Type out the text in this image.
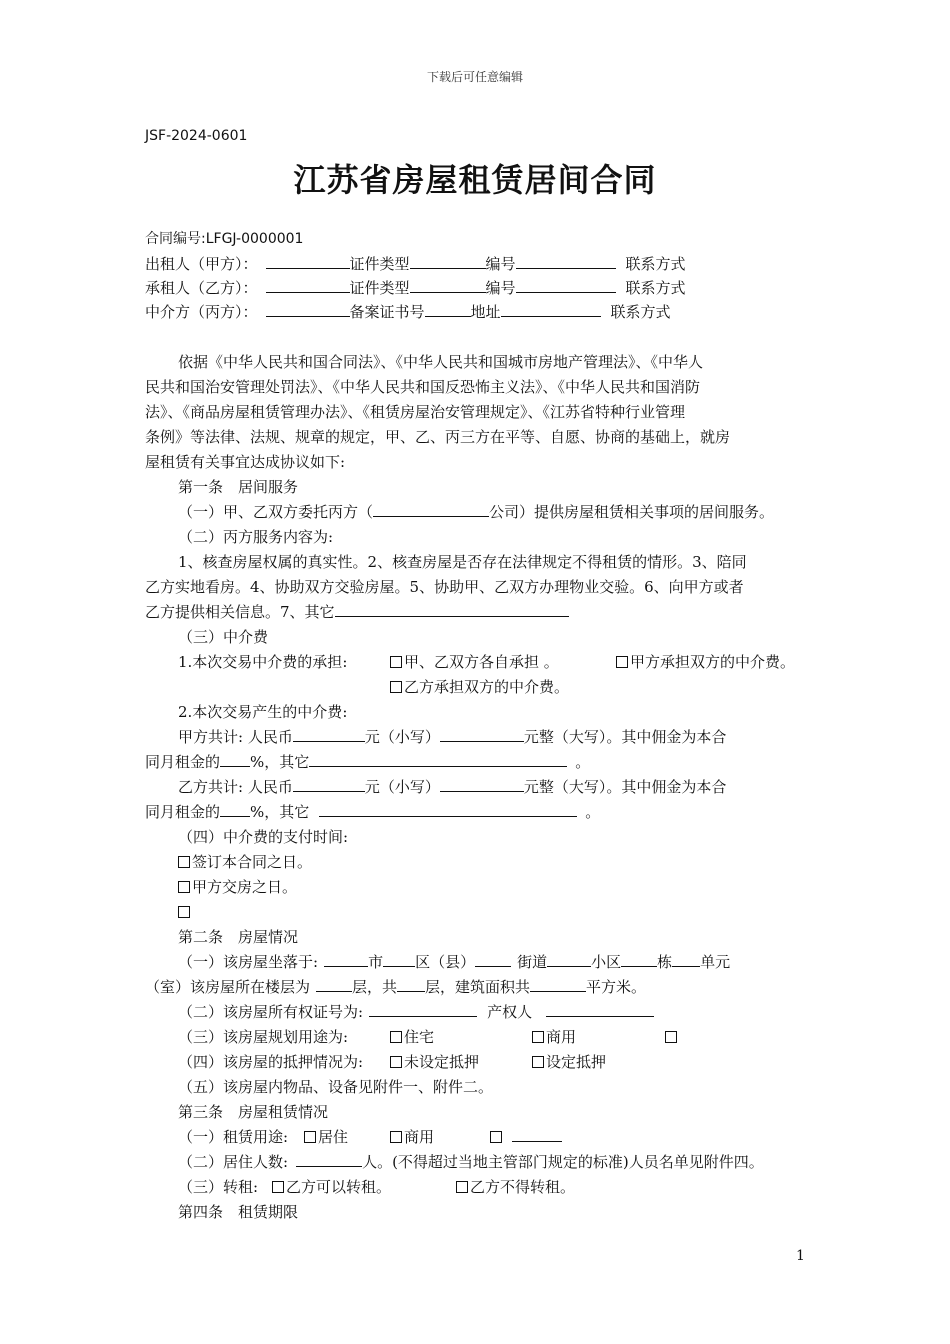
下载后可任意编辑
JSF-2024-0601
江苏省房屋租赁居间合同
合同编号:LFGJ-0000001
出租人（甲方）：	证件类型	编号	联系方式
承租人（乙方）：	证件类型	编号	联系方式
中介方（丙方）：	备案证书号	地址	联系方式
依据《中华人民共和国合同法》、《中华人民共和国城市房地产管理法》、《中华人
民共和国治安管理处罚法》、《中华人民共和国反恐怖主义法》、《中华人民共和国消防
法》、《商品房屋租赁管理办法》、《租赁房屋治安管理规定》、《江苏省特种行业管理
条例》等法律、法规、规章的规定，甲、乙、丙三方在平等、自愿、协商的基础上，就房
屋租赁有关事宜达成协议如下:
第一条　居间服务
（一）甲、乙双方委托丙方（	公司）提供房屋租赁相关事项的居间服务。
（二）丙方服务内容为:
1、核查房屋权属的真实性。2、核查房屋是否存在法律规定不得租赁的情形。3、陪同
乙方实地看房。4、协助双方交验房屋。5、协助甲、乙双方办理物业交验。6、向甲方或者
乙方提供相关信息。7、其它
（三）中介费
1.本次交易中介费的承担:	甲、乙双方各自承担 。	甲方承担双方的中介费。
乙方承担双方的中介费。
2.本次交易产生的中介费:
甲方共计: 人民币	元（小写）	元整（大写）。其中佣金为本合
同月租金的 %，其它	。
乙方共计: 人民币	元（小写）	元整（大写）。其中佣金为本合
同月租金的 %，其它	。
（四）中介费的支付时间:
签订本合同之日。
甲方交房之日。
第二条　房屋情况
（一）该房屋坐落于:	市 区（县）	街道	小区 栋 单元
（室）该房屋所在楼层为	层，共 层，建筑面积共	平方米。
（二）该房屋所有权证号为:	产权人
（三）该房屋规划用途为:	住宅	商用
（四）该房屋的抵押情况为:	未设定抵押	设定抵押
（五）该房屋内物品、设备见附件一、附件二。
第三条　房屋租赁情况
（一）租赁用途:	居住	商用
（二）居住人数:	人。(不得超过当地主管部门规定的标准)人员名单见附件四。
（三）转租:	乙方可以转租。	乙方不得转租。
第四条　租赁期限
1
